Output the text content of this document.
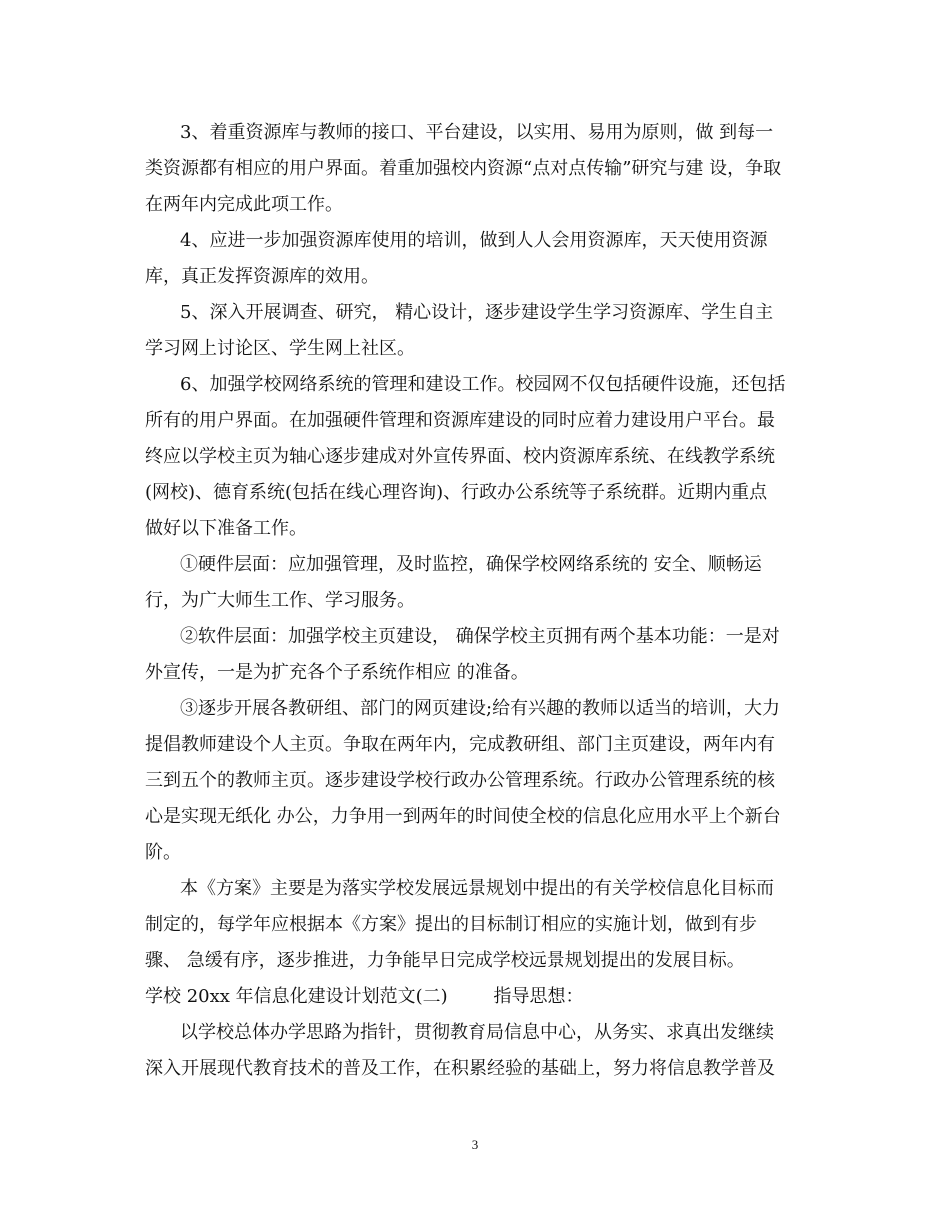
3、着重资源库与教师的接口、平台建设，以实用、易用为原则，做 到每一
类资源都有相应的用户界面。着重加强校内资源“点对点传输”研究与建 设，争取
在两年内完成此项工作。
4、应进一步加强资源库使用的培训，做到人人会用资源库，天天使用资源
库，真正发挥资源库的效用。
5、深入开展调查、研究， 精心设计，逐步建设学生学习资源库、学生自主
学习网上讨论区、学生网上社区。
6、加强学校网络系统的管理和建设工作。校园网不仅包括硬件设施，还包括
所有的用户界面。在加强硬件管理和资源库建设的同时应着力建设用户平台。最
终应以学校主页为轴心逐步建成对外宣传界面、校内资源库系统、在线教学系统
(网校)、德育系统(包括在线心理咨询)、行政办公系统等子系统群。近期内重点
做好以下准备工作。
①硬件层面：应加强管理，及时监控，确保学校网络系统的 安全、顺畅运
行，为广大师生工作、学习服务。
②软件层面：加强学校主页建设， 确保学校主页拥有两个基本功能：一是对
外宣传，一是为扩充各个子系统作相应 的准备。
③逐步开展各教研组、部门的网页建设;给有兴趣的教师以适当的培训，大力
提倡教师建设个人主页。争取在两年内，完成教研组、部门主页建设，两年内有
三到五个的教师主页。逐步建设学校行政办公管理系统。行政办公管理系统的核
心是实现无纸化 办公，力争用一到两年的时间使全校的信息化应用水平上个新台
阶。
本《方案》主要是为落实学校发展远景规划中提出的有关学校信息化目标而
制定的，每学年应根据本《方案》提出的目标制订相应的实施计划，做到有步
骤、 急缓有序，逐步推进，力争能早日完成学校远景规划提出的发展目标。
学校 20xx 年信息化建设计划范文(二)        指导思想：
以学校总体办学思路为指针，贯彻教育局信息中心，从务实、求真出发继续
深入开展现代教育技术的普及工作，在积累经验的基础上，努力将信息教学普及
3
